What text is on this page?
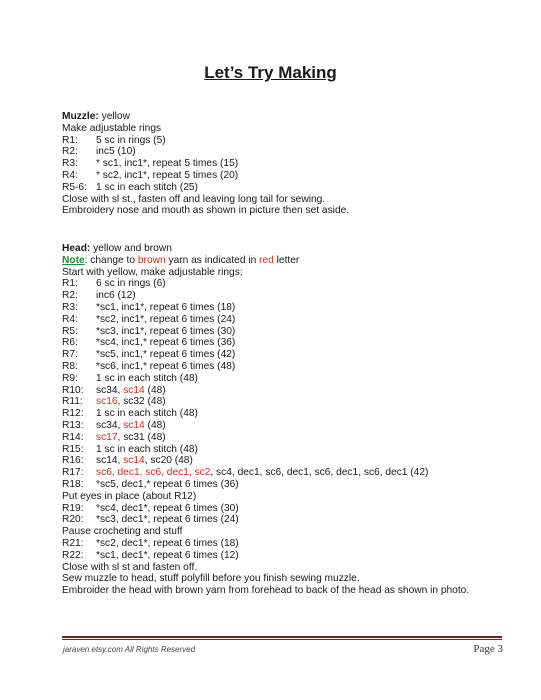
Let’s Try Making
Muzzle: yellow
Make adjustable rings
R1: 5 sc in rings (5)
R2: inc5 (10)
R3: * sc1, inc1*, repeat 5 times (15)
R4: * sc2, inc1*, repeat 5 times (20)
R5-6: 1 sc in each stitch (25)
Close with sl st., fasten off and leaving long tail for sewing.
Embroidery nose and mouth as shown in picture then set aside.
Head: yellow and brown
Note: change to brown yarn as indicated in red letter
Start with yellow, make adjustable rings;
R1: 6 sc in rings (6)
R2: inc6 (12)
R3: *sc1, inc1*, repeat 6 times (18)
R4: *sc2, inc1*, repeat 6 times (24)
R5: *sc3, inc1*, repeat 6 times (30)
R6: *sc4, inc1,* repeat 6 times (36)
R7: *sc5, inc1,* repeat 6 times (42)
R8: *sc6, inc1,* repeat 6 times (48)
R9: 1 sc in each stitch (48)
R10: sc34, sc14 (48)
R11: sc16, sc32 (48)
R12: 1 sc in each stitch (48)
R13: sc34, sc14 (48)
R14: sc17, sc31 (48)
R15: 1 sc in each stitch (48)
R16: sc14, sc14, sc20 (48)
R17: sc6, dec1, sc6, dec1, sc2, sc4, dec1, sc6, dec1, sc6, dec1, sc6, dec1 (42)
R18: *sc5, dec1,* repeat 6 times (36)
Put eyes in place (about R12)
R19: *sc4, dec1*, repeat 6 times (30)
R20: *sc3, dec1*, repeat 6 times (24)
Pause crocheting and stuff
R21: *sc2, dec1*, repeat 6 times (18)
R22: *sc1, dec1*, repeat 6 times (12)
Close with sl st and fasten off.
Sew muzzle to head, stuff polyfill before you finish sewing muzzle.
Embroider the head with brown yarn from forehead to back of the head as shown in photo.
jaraven.etsy.com All Rights Reserved	Page 3
